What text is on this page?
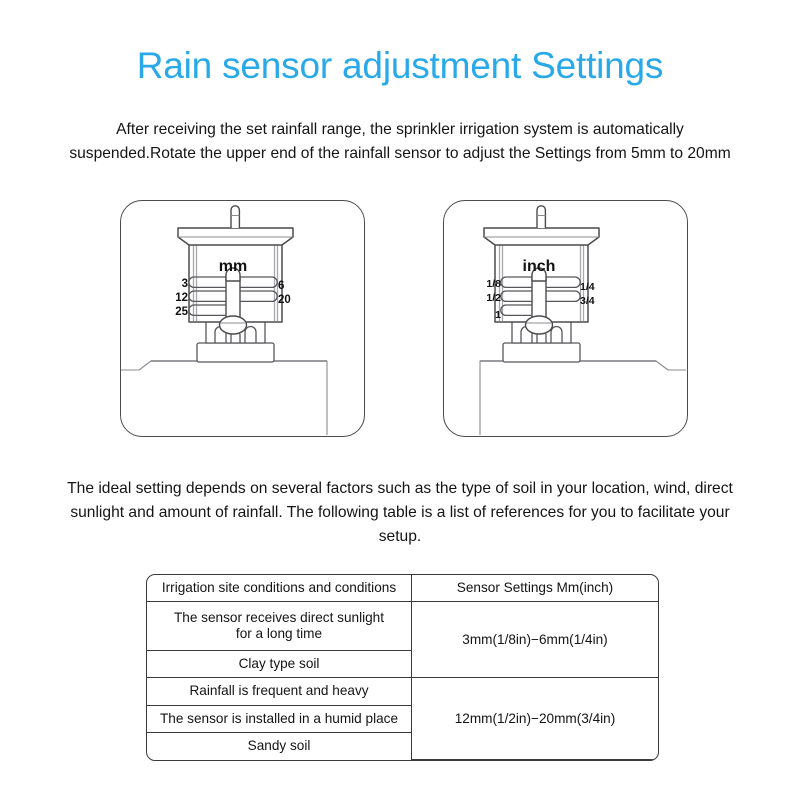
Rain sensor adjustment Settings
After receiving the set rainfall range, the sprinkler irrigation system is automatically suspended.Rotate the upper end of the rainfall sensor to adjust the Settings from 5mm to 20mm
mm
3
12
25
6
20
inch
1/8
1/2
1
1/4
3/4
The ideal setting depends on several factors such as the type of soil in your location, wind, direct sunlight and amount of rainfall. The following table is a list of references for you to facilitate your setup.
Irrigation site conditions and conditions	Sensor Settings Mm(inch)
The sensor receives direct sunlight
for a long time	3mm(1/8in)−6mm(1/4in)
Clay type soil	
Rainfall is frequent and heavy	12mm(1/2in)−20mm(3/4in)
The sensor is installed in a humid place	
Sandy soil	
